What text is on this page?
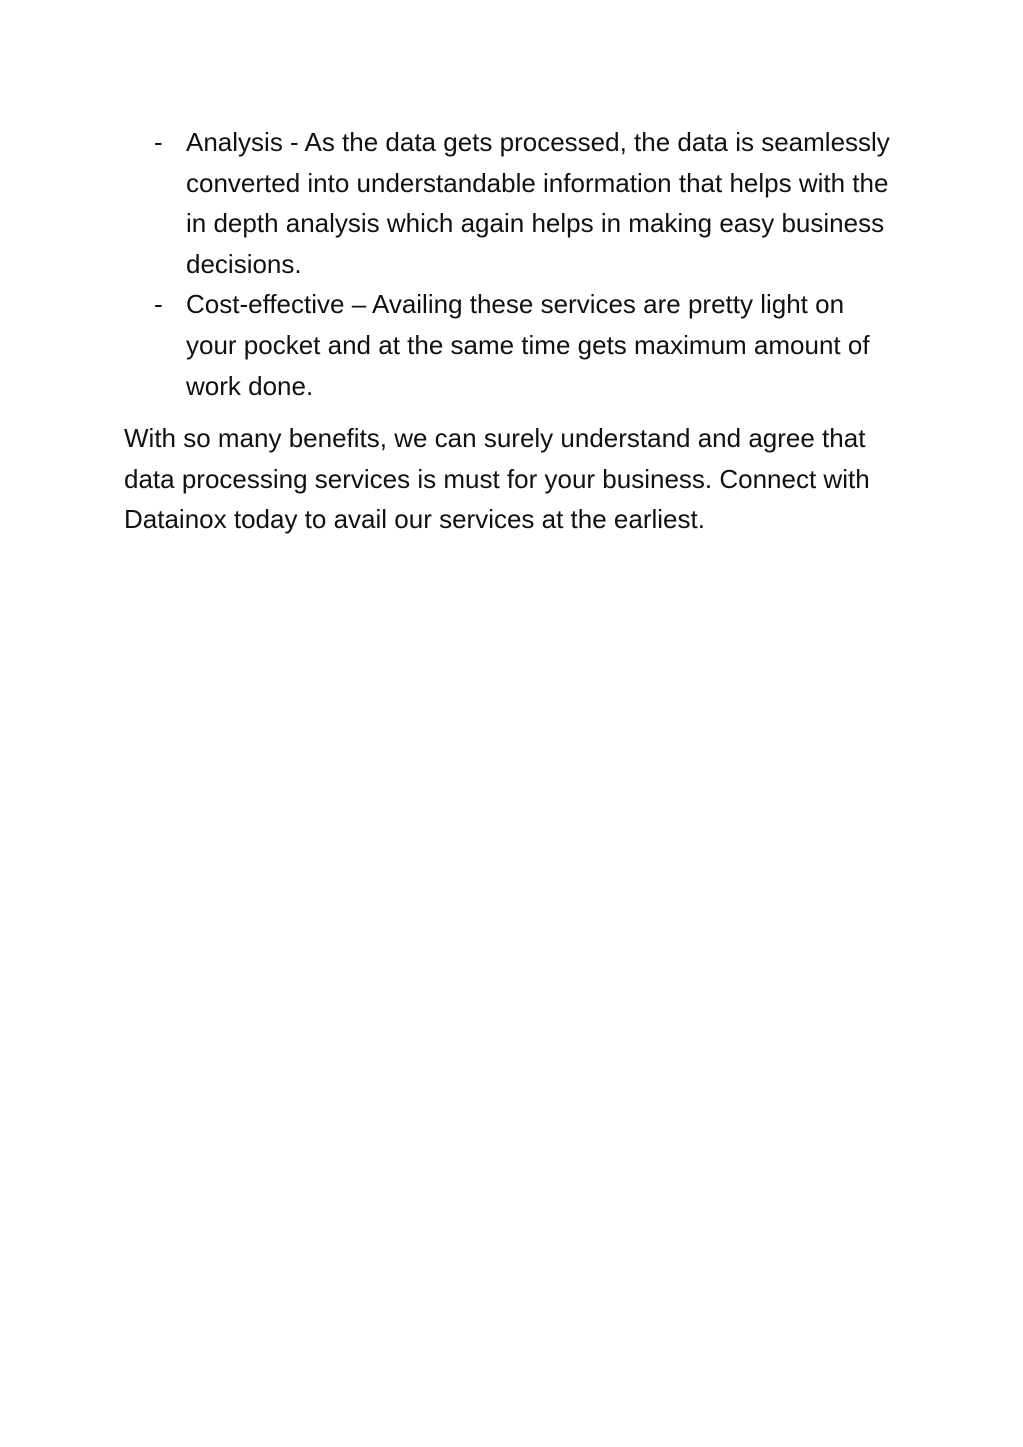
- Analysis - As the data gets processed, the data is seamlessly converted into understandable information that helps with the in depth analysis which again helps in making easy business decisions.
- Cost-effective – Availing these services are pretty light on your pocket and at the same time gets maximum amount of work done.

With so many benefits, we can surely understand and agree that data processing services is must for your business. Connect with Datainox today to avail our services at the earliest.
